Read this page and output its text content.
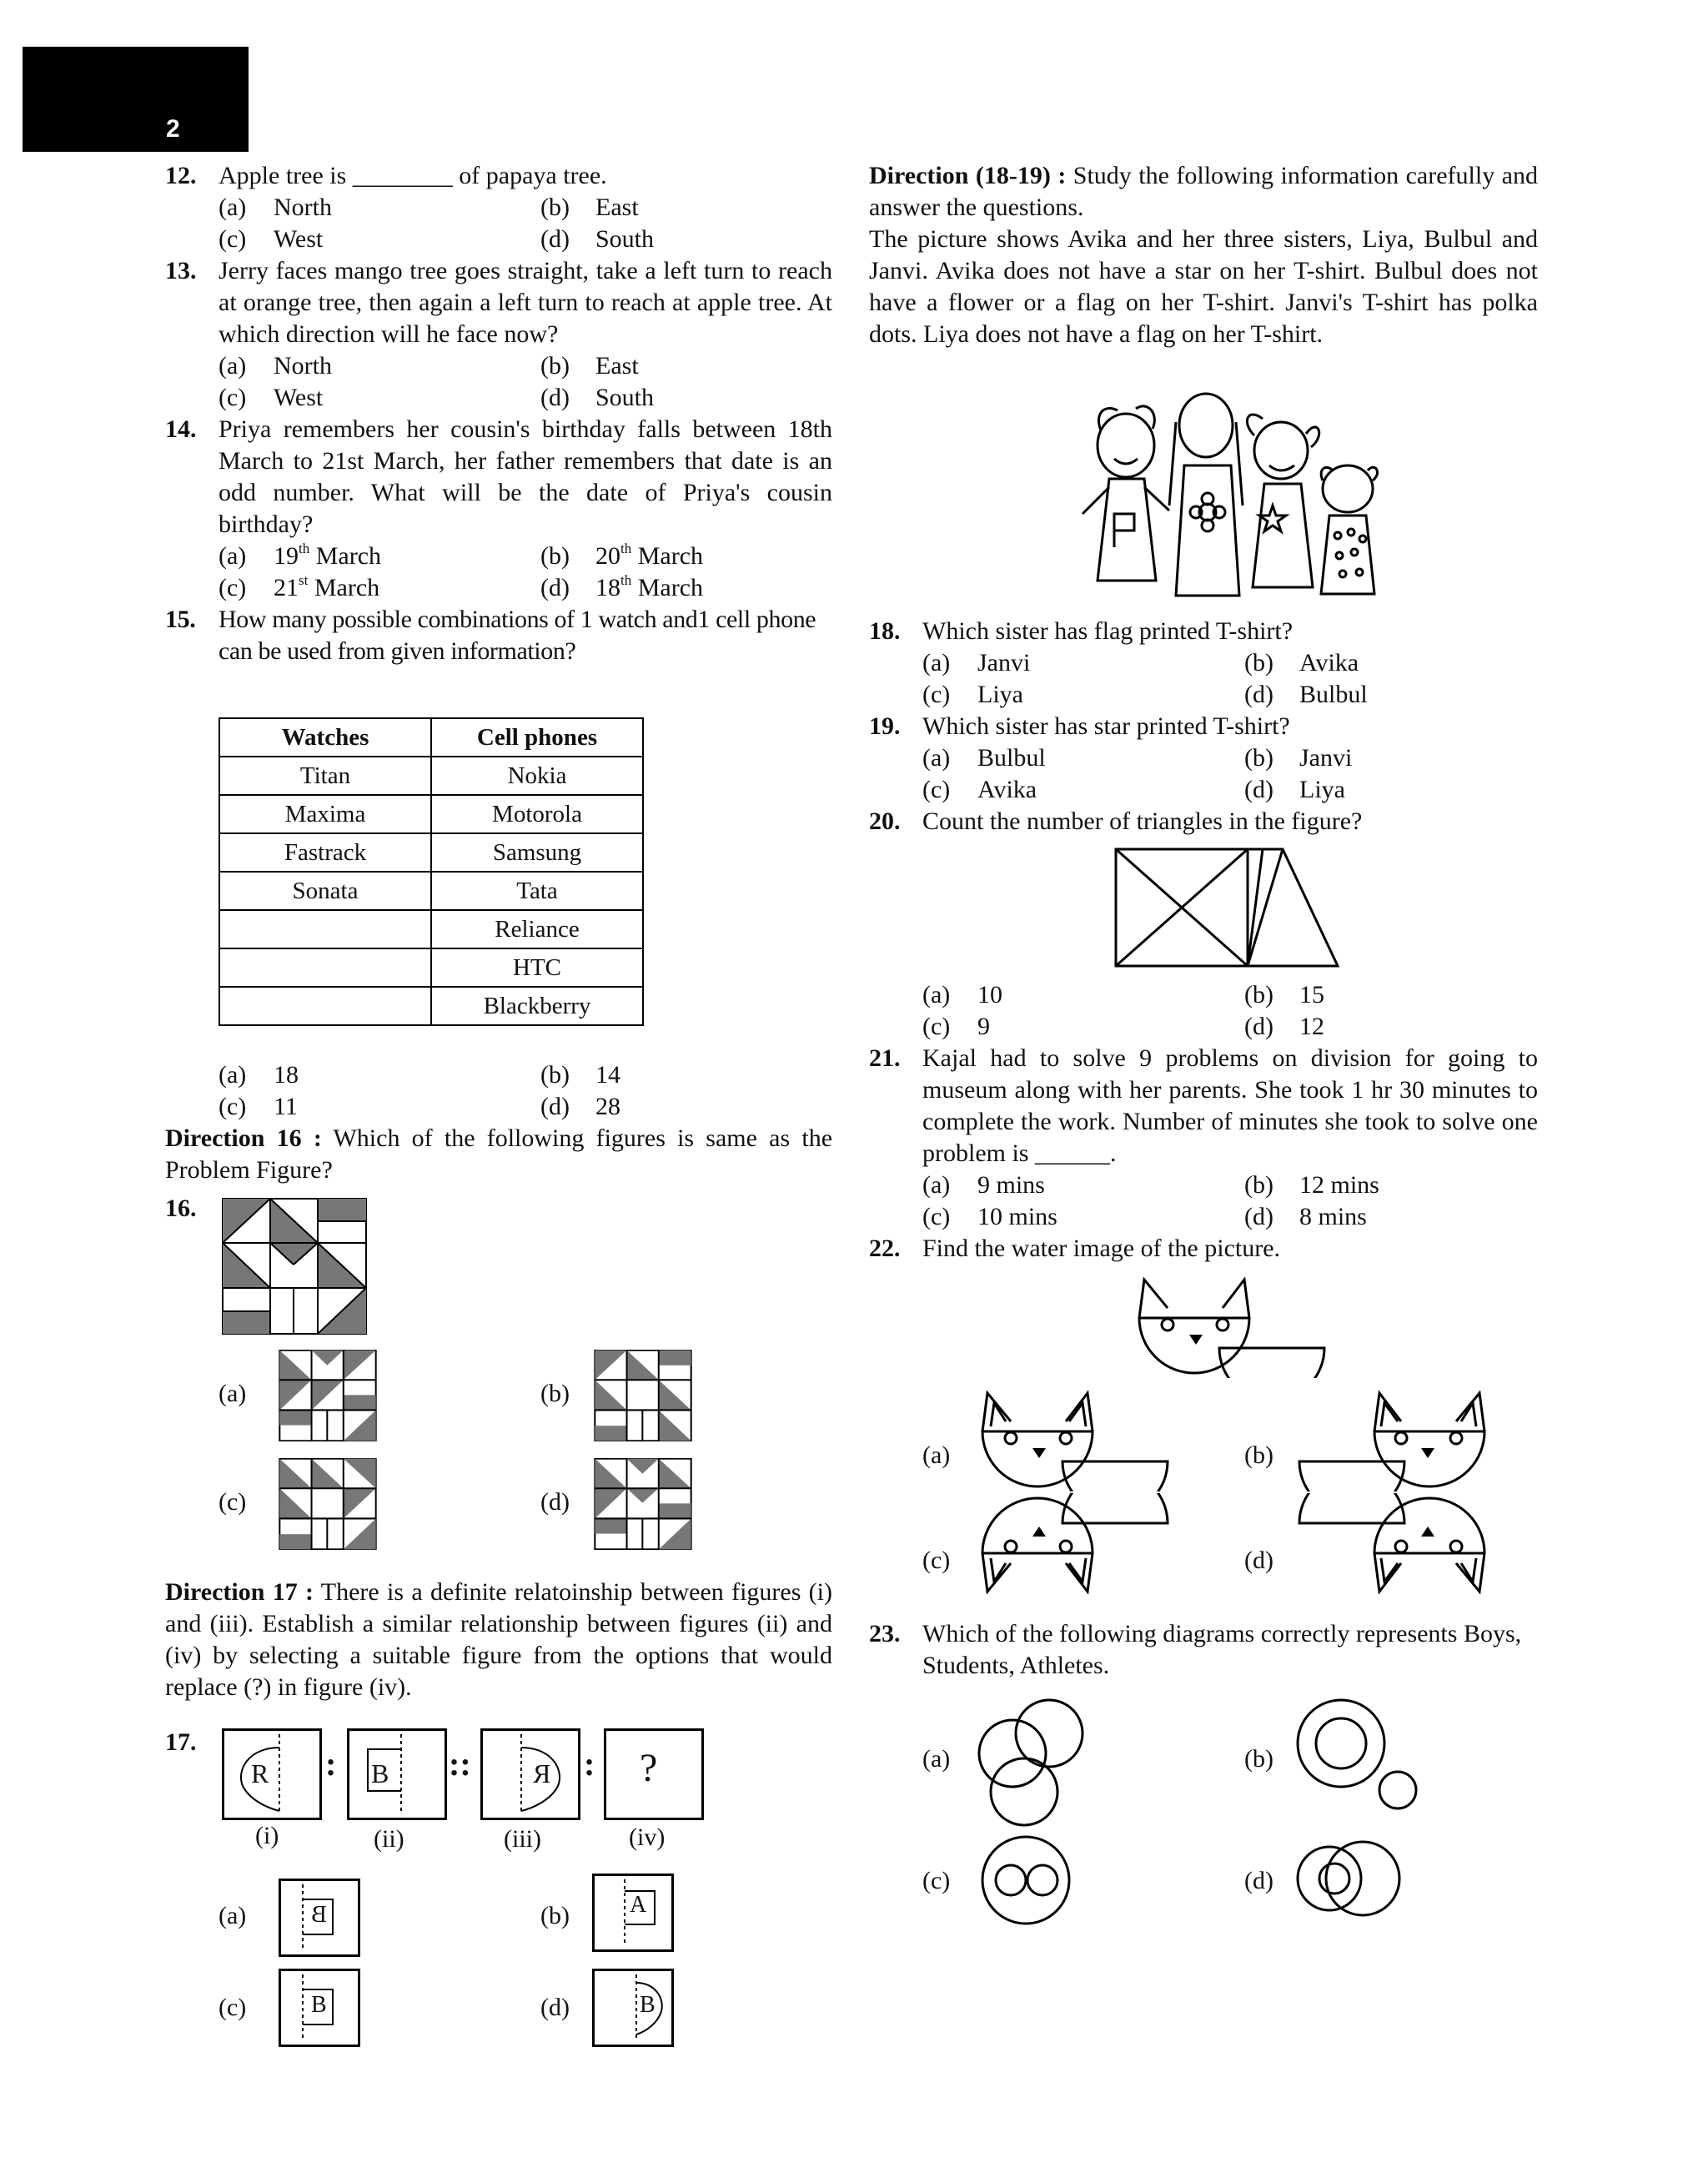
2
12. Apple tree is ________ of papaya tree.
(a) North	(b) East
(c) West	(d) South
13. Jerry faces mango tree goes straight, take a left turn to reach at orange tree, then again a left turn to reach at apple tree. At which direction will he face now?
(a) North	(b) East
(c) West	(d) South
14. Priya remembers her cousin's birthday falls between 18th March to 21st March, her father remembers that date is an odd number. What will be the date of Priya's cousin birthday?
(a) 19th March	(b) 20th March
(c) 21st March	(d) 18th March
15. How many possible combinations of 1 watch and1 cell phone can be used from given information?
Watches	Cell phones
Titan	Nokia
Maxima	Motorola
Fastrack	Samsung
Sonata	Tata
	Reliance
	HTC
	Blackberry
(a) 18	(b) 14
(c) 11	(d) 28
Direction 16 : Which of the following figures is same as the Problem Figure?
16.
(a)	(b)
(c)	(d)
Direction 17 : There is a definite relatoinship between figures (i) and (iii). Establish a similar relationship between figures (ii) and (iv) by selecting a suitable figure from the options that would replace (?) in figure (iv).
17.
R : B :: Я : ?
(i)	(ii)	(iii)	(iv)
(a)	B	(b)	A
(c)	B	(d)	B
Direction (18-19) : Study the following information carefully and answer the questions.
The picture shows Avika and her three sisters, Liya, Bulbul and Janvi. Avika does not have a star on her T-shirt. Bulbul does not have a flower or a flag on her T-shirt. Janvi's T-shirt has polka dots. Liya does not have a flag on her T-shirt.
18. Which sister has flag printed T-shirt?
(a) Janvi	(b) Avika
(c) Liya	(d) Bulbul
19. Which sister has star printed T-shirt?
(a) Bulbul	(b) Janvi
(c) Avika	(d) Liya
20. Count the number of triangles in the figure?
(a) 10	(b) 15
(c) 9	(d) 12
21. Kajal had to solve 9 problems on division for going to museum along with her parents. She took 1 hr 30 minutes to complete the work. Number of minutes she took to solve one problem is ______.
(a) 9 mins	(b) 12 mins
(c) 10 mins	(d) 8 mins
22. Find the water image of the picture.
(a)	(b)
(c)	(d)
23. Which of the following diagrams correctly represents Boys, Students, Athletes.
(a)	(b)
(c)	(d)
